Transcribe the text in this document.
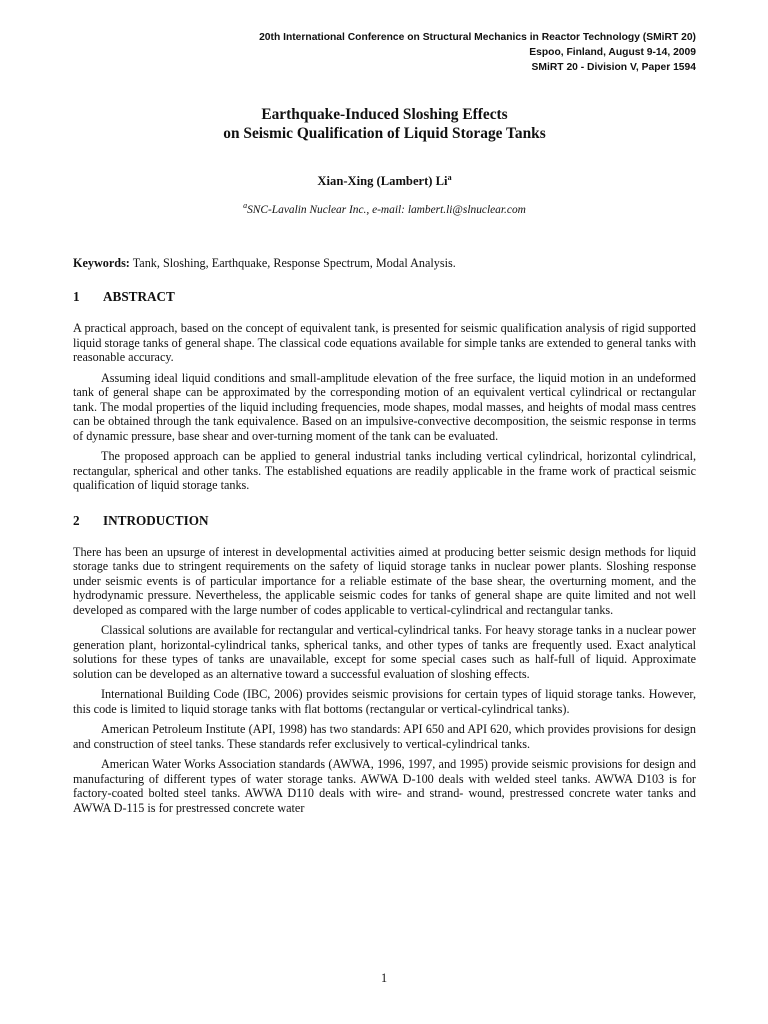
20th International Conference on Structural Mechanics in Reactor Technology (SMiRT 20)
Espoo, Finland, August 9-14, 2009
SMiRT 20 - Division V, Paper 1594
Earthquake-Induced Sloshing Effects
on Seismic Qualification of Liquid Storage Tanks
Xian-Xing (Lambert) Li$^a$
$^a$SNC-Lavalin Nuclear Inc., e-mail: lambert.li@slnuclear.com
Keywords: Tank, Sloshing, Earthquake, Response Spectrum, Modal Analysis.
1 ABSTRACT

A practical approach, based on the concept of equivalent tank, is presented for seismic qualification analysis of rigid supported liquid storage tanks of general shape. The classical code equations available for simple tanks are extended to general tanks with reasonable accuracy.

Assuming ideal liquid conditions and small-amplitude elevation of the free surface, the liquid motion in an undeformed tank of general shape can be approximated by the corresponding motion of an equivalent vertical cylindrical or rectangular tank. The modal properties of the liquid including frequencies, mode shapes, modal masses, and heights of modal mass centres can be obtained through the tank equivalence. Based on an impulsive-convective decomposition, the seismic response in terms of dynamic pressure, base shear and over-turning moment of the tank can be evaluated.

The proposed approach can be applied to general industrial tanks including vertical cylindrical, horizontal cylindrical, rectangular, spherical and other tanks. The established equations are readily applicable in the frame work of practical seismic qualification of liquid storage tanks.

2 INTRODUCTION

There has been an upsurge of interest in developmental activities aimed at producing better seismic design methods for liquid storage tanks due to stringent requirements on the safety of liquid storage tanks in nuclear power plants. Sloshing response under seismic events is of particular importance for a reliable estimate of the base shear, the overturning moment, and the hydrodynamic pressure. Nevertheless, the applicable seismic codes for tanks of general shape are quite limited and not well developed as compared with the large number of codes applicable to vertical-cylindrical and rectangular tanks.

Classical solutions are available for rectangular and vertical-cylindrical tanks. For heavy storage tanks in a nuclear power generation plant, horizontal-cylindrical tanks, spherical tanks, and other types of tanks are frequently used. Exact analytical solutions for these types of tanks are unavailable, except for some special cases such as half-full of liquid. Approximate solution can be developed as an alternative toward a successful evaluation of sloshing effects.

International Building Code (IBC, 2006) provides seismic provisions for certain types of liquid storage tanks. However, this code is limited to liquid storage tanks with flat bottoms (rectangular or vertical-cylindrical tanks).

American Petroleum Institute (API, 1998) has two standards: API 650 and API 620, which provides provisions for design and construction of steel tanks. These standards refer exclusively to vertical-cylindrical tanks.

American Water Works Association standards (AWWA, 1996, 1997, and 1995) provide seismic provisions for design and manufacturing of different types of water storage tanks. AWWA D-100 deals with welded steel tanks. AWWA D103 is for factory-coated bolted steel tanks. AWWA D110 deals with wire- and strand- wound, prestressed concrete water tanks and AWWA D-115 is for prestressed concrete water

1
